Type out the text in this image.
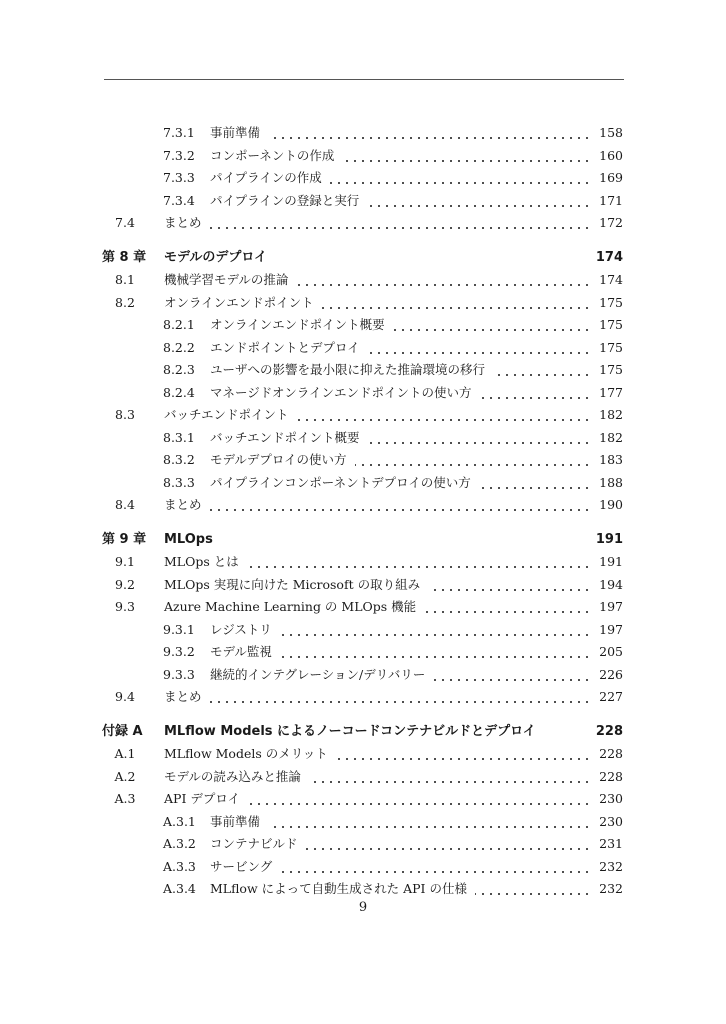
7.3.1 事前準備	158
7.3.2 コンポーネントの作成	160
7.3.3 パイプラインの作成	169
7.3.4 パイプラインの登録と実行	171
7.4	まとめ	172
第 8 章 モデルのデプロイ	174
8.1	機械学習モデルの推論	174
8.2	オンラインエンドポイント	175
8.2.1 オンラインエンドポイント概要	175
8.2.2 エンドポイントとデプロイ	175
8.2.3 ユーザへの影響を最小限に抑えた推論環境の移行	175
8.2.4 マネージドオンラインエンドポイントの使い方	177
8.3	バッチエンドポイント	182
8.3.1 バッチエンドポイント概要	182
8.3.2 モデルデプロイの使い方	183
8.3.3 パイプラインコンポーネントデプロイの使い方	188
8.4	まとめ	190
第 9 章 MLOps	191
9.1	MLOps とは	191
9.2	MLOps 実現に向けた Microsoft の取り組み	194
9.3	Azure Machine Learning の MLOps 機能	197
9.3.1 レジストリ	197
9.3.2 モデル監視	205
9.3.3 継続的インテグレーション/デリバリー	226
9.4	まとめ	227
付録 A MLflow Models によるノーコードコンテナビルドとデプロイ	228
A.1	MLflow Models のメリット	228
A.2	モデルの読み込みと推論	228
A.3	API デプロイ	230
A.3.1 事前準備	230
A.3.2 コンテナビルド	231
A.3.3 サービング	232
A.3.4 MLflow によって自動生成された API の仕様	232
9
